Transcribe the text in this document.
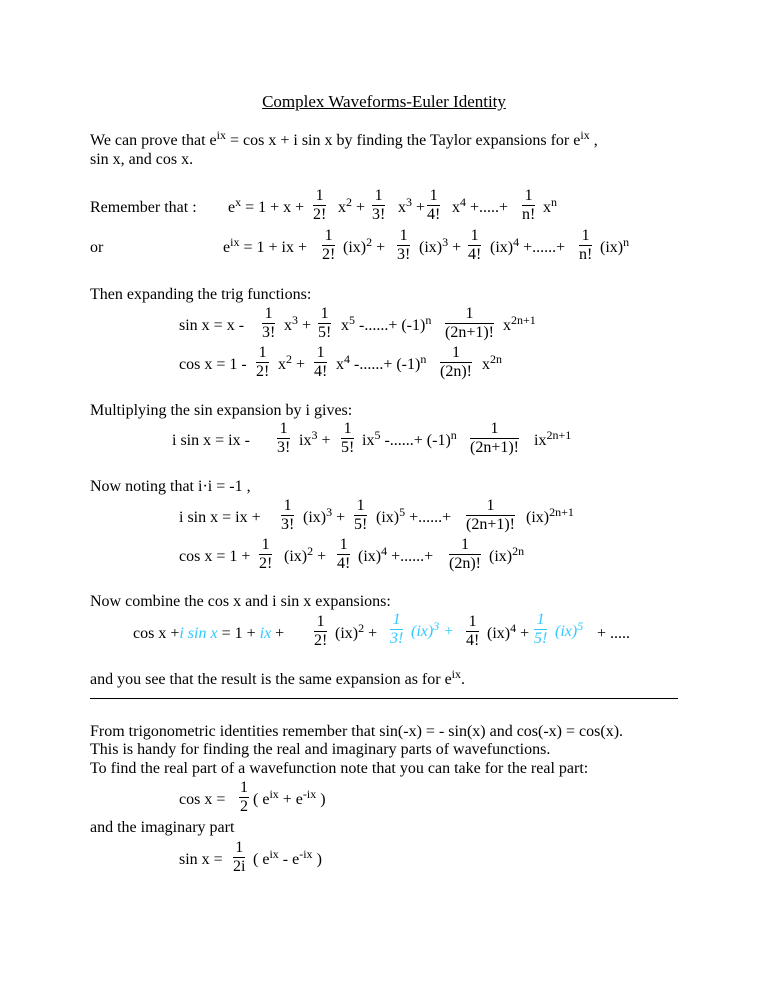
Complex Waveforms-Euler Identity
We can prove that $e^{ix} = \cos x + i$ sin x by finding the Taylor expansions for $e^{ix}$ ,
sin x, and cos x.
Remember that : $e^x = 1 + x + \frac{1}{2!} x^2 + \frac{1}{3!} x^3 + \frac{1}{4!} x^4$ +.....+ $\frac{1}{n!} x^n$
or	$e^{ix} = 1$ + ix + $\frac{1}{2!} (ix)^2 + \frac{1}{3!} (ix)^3 + \frac{1}{4!} (ix)^4$ +......+ $\frac{1}{n!} (ix)^n$
Then expanding the trig functions:
$\sin x = x - \frac{1}{3!} x^3 + \frac{1}{5!} x^5$ -......+ $(-1)^n \frac{1}{(2n+1)!} x^{2n+1}$
$\cos x = 1 - \frac{1}{2!} x^2 + \frac{1}{4!} x^4$ -......+ $(-1)^n \frac{1}{(2n)!} x^{2n}$
Multiplying the sin expansion by i gives:
i sin x = ix - $\frac{1}{3!} ix^3 + \frac{1}{5!} ix^5$ -......+ $(-1)^n \frac{1}{(2n+1)!} ix^{2n+1}$
Now noting that i·i = -1 ,
i sin x = ix + $\frac{1}{3!} (ix)^3 + \frac{1}{5!} (ix)^5$ +......+ $\frac{1}{(2n+1)!} (ix)^{2n+1}$
$\cos x = 1 + \frac{1}{2!} (ix)^2 + \frac{1}{4!} (ix)^4$ +......+ $\frac{1}{(2n)!} (ix)^{2n}$
Now combine the cos x and i sin x expansions:
cos x +i sin x = 1 + ix + $\frac{1}{2!} (ix)^2 + \frac{1}{3!} (ix)^3 + \frac{1}{4!} (ix)^4 + \frac{1}{5!} (ix)^5$ + .....
and you see that the result is the same expansion as for $e^{ix}$.
From trigonometric identities remember that sin(-x) = - sin(x) and cos(-x) = cos(x).
This is handy for finding the real and imaginary parts of wavefunctions.
To find the real part of a wavefunction note that you can take for the real part:
$\cos x = \frac{1}{2}$ ( $e^{ix} + e^{-ix}$ )
and the imaginary part
$\sin x = \frac{1}{2i}$ ( $e^{ix} - e^{-ix}$ )
